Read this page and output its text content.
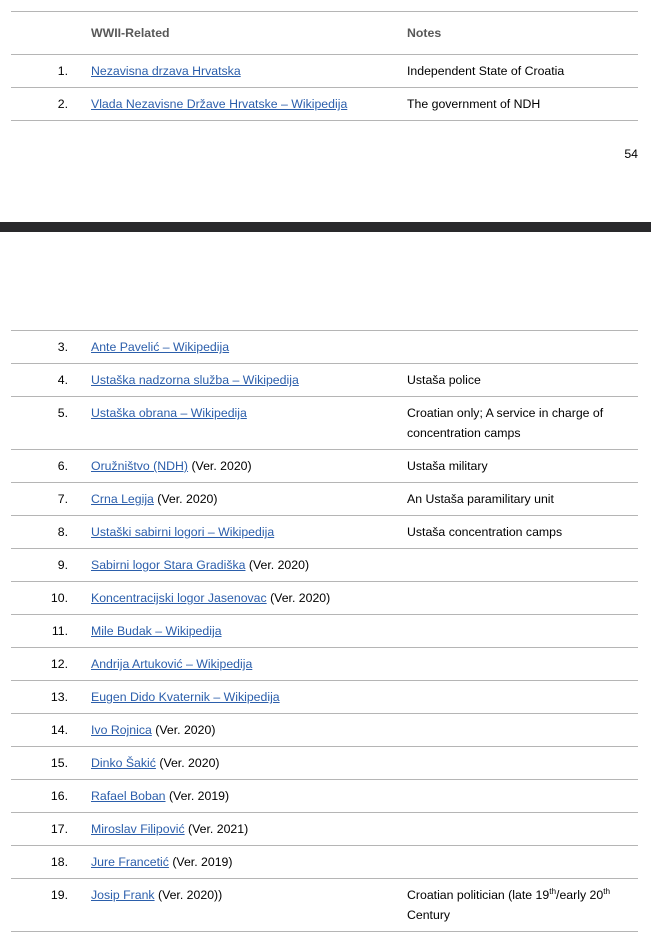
	WWII-Related	Notes
1.	Nezavisna drzava Hrvatska	Independent State of Croatia
2.	Vlada Nezavisne Države Hrvatske – Wikipedija	The government of NDH
54
3.	Ante Pavelić – Wikipedija	
4.	Ustaška nadzorna služba – Wikipedija	Ustaša police
5.	Ustaška obrana – Wikipedija	Croatian only; A service in charge of concentration camps
6.	Oružništvo (NDH) (Ver. 2020)	Ustaša military
7.	Crna Legija (Ver. 2020)	An Ustaša paramilitary unit
8.	Ustaški sabirni logori – Wikipedija	Ustaša concentration camps
9.	Sabirni logor Stara Gradiška (Ver. 2020)	
10.	Koncentracijski logor Jasenovac (Ver. 2020)	
11.	Mile Budak – Wikipedija	
12.	Andrija Artuković – Wikipedija	
13.	Eugen Dido Kvaternik – Wikipedija	
14.	Ivo Rojnica (Ver. 2020)	
15.	Dinko Šakić (Ver. 2020)	
16.	Rafael Boban (Ver. 2019)	
17.	Miroslav Filipović (Ver. 2021)	
18.	Jure Francetić (Ver. 2019)	
19.	Josip Frank (Ver. 2020))	Croatian politician (late 19th/early 20th Century
